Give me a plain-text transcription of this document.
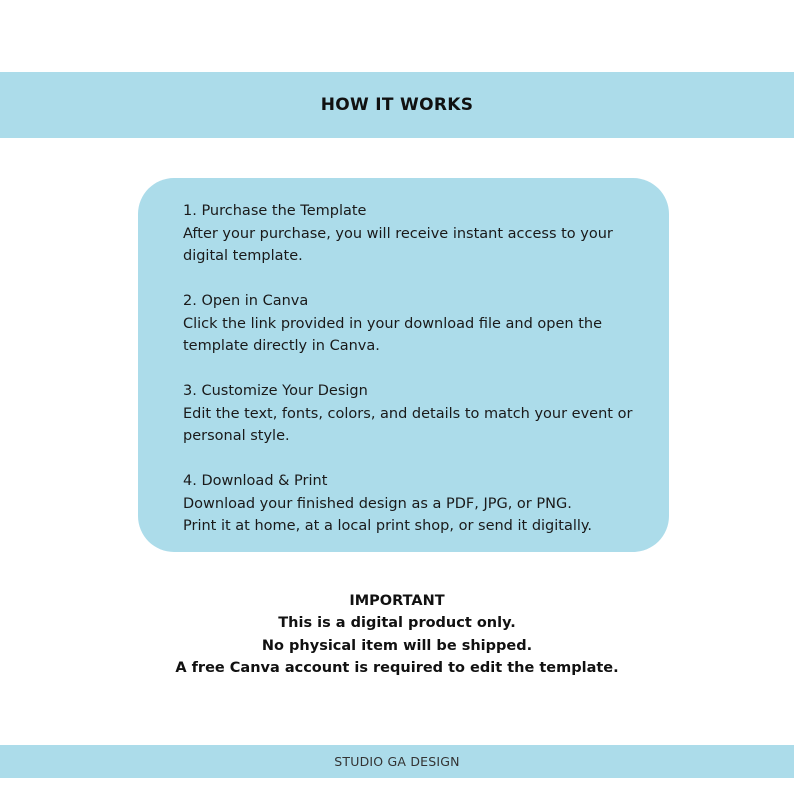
HOW IT WORKS
1. Purchase the Template
After your purchase, you will receive instant access to your
digital template.
2. Open in Canva
Click the link provided in your download file and open the
template directly in Canva.
3. Customize Your Design
Edit the text, fonts, colors, and details to match your event or
personal style.
4. Download & Print
Download your finished design as a PDF, JPG, or PNG.
Print it at home, at a local print shop, or send it digitally.
IMPORTANT
This is a digital product only.
No physical item will be shipped.
A free Canva account is required to edit the template.
STUDIO GA DESIGN
